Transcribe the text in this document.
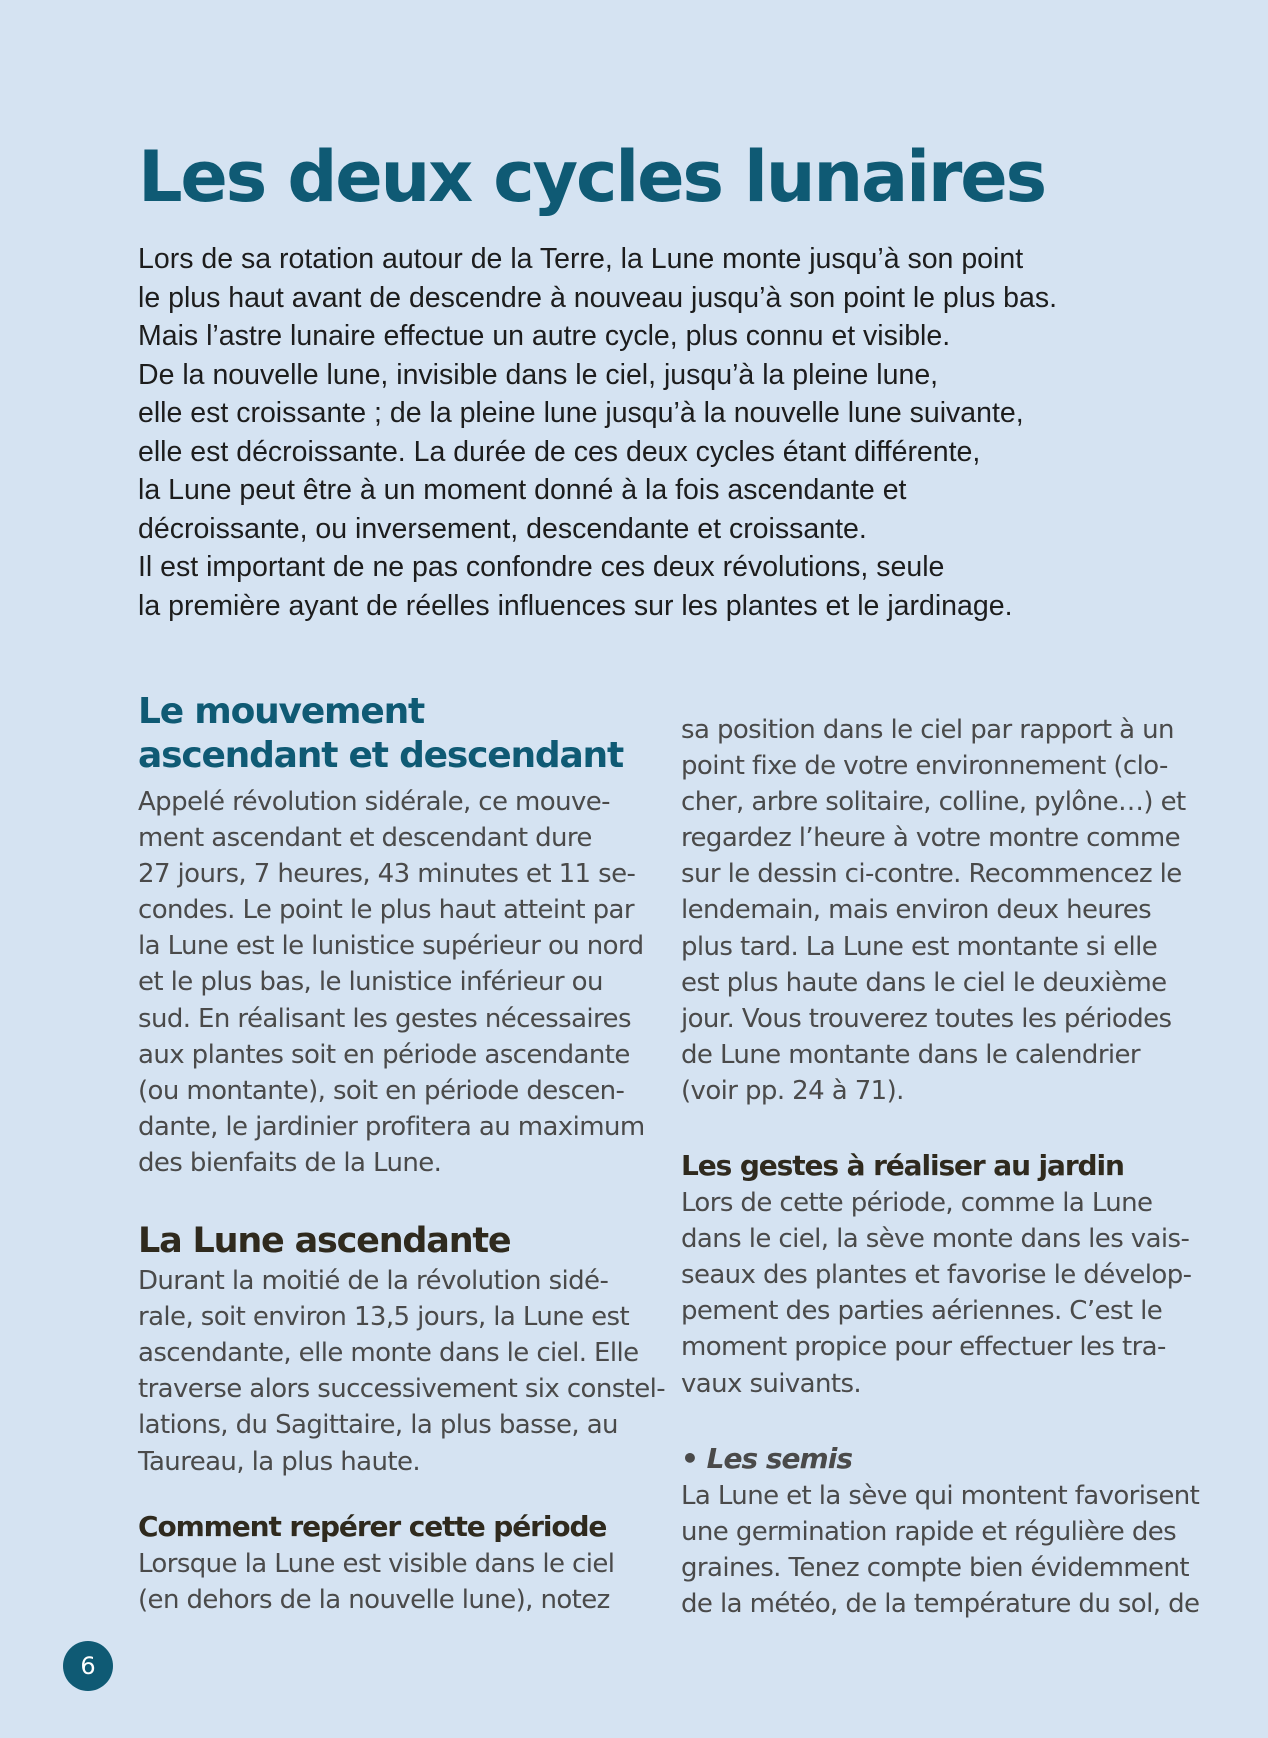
Les deux cycles lunaires
Lors de sa rotation autour de la Terre, la Lune monte jusqu’à son point
le plus haut avant de descendre à nouveau jusqu’à son point le plus bas.
Mais l’astre lunaire effectue un autre cycle, plus connu et visible.
De la nouvelle lune, invisible dans le ciel, jusqu’à la pleine lune,
elle est croissante ; de la pleine lune jusqu’à la nouvelle lune suivante,
elle est décroissante. La durée de ces deux cycles étant différente,
la Lune peut être à un moment donné à la fois ascendante et
décroissante, ou inversement, descendante et croissante.
Il est important de ne pas confondre ces deux révolutions, seule
la première ayant de réelles influences sur les plantes et le jardinage.
Le mouvement
ascendant et descendant
Appelé révolution sidérale, ce mouve-
ment ascendant et descendant dure
27 jours, 7 heures, 43 minutes et 11 se-
condes. Le point le plus haut atteint par
la Lune est le lunistice supérieur ou nord
et le plus bas, le lunistice inférieur ou
sud. En réalisant les gestes nécessaires
aux plantes soit en période ascendante
(ou montante), soit en période descen-
dante, le jardinier profitera au maximum
des bienfaits de la Lune.
La Lune ascendante
Durant la moitié de la révolution sidé-
rale, soit environ 13,5 jours, la Lune est
ascendante, elle monte dans le ciel. Elle
traverse alors successivement six constel-
lations, du Sagittaire, la plus basse, au
Taureau, la plus haute.
Comment repérer cette période
Lorsque la Lune est visible dans le ciel
(en dehors de la nouvelle lune), notez
sa position dans le ciel par rapport à un
point fixe de votre environnement (clo-
cher, arbre solitaire, colline, pylône…) et
regardez l’heure à votre montre comme
sur le dessin ci-contre. Recommencez le
lendemain, mais environ deux heures
plus tard. La Lune est montante si elle
est plus haute dans le ciel le deuxième
jour. Vous trouverez toutes les périodes
de Lune montante dans le calendrier
(voir pp. 24 à 71).
Les gestes à réaliser au jardin
Lors de cette période, comme la Lune
dans le ciel, la sève monte dans les vais-
seaux des plantes et favorise le dévelop-
pement des parties aériennes. C’est le
moment propice pour effectuer les tra-
vaux suivants.
• Les semis
La Lune et la sève qui montent favorisent
une germination rapide et régulière des
graines. Tenez compte bien évidemment
de la météo, de la température du sol, de
6
